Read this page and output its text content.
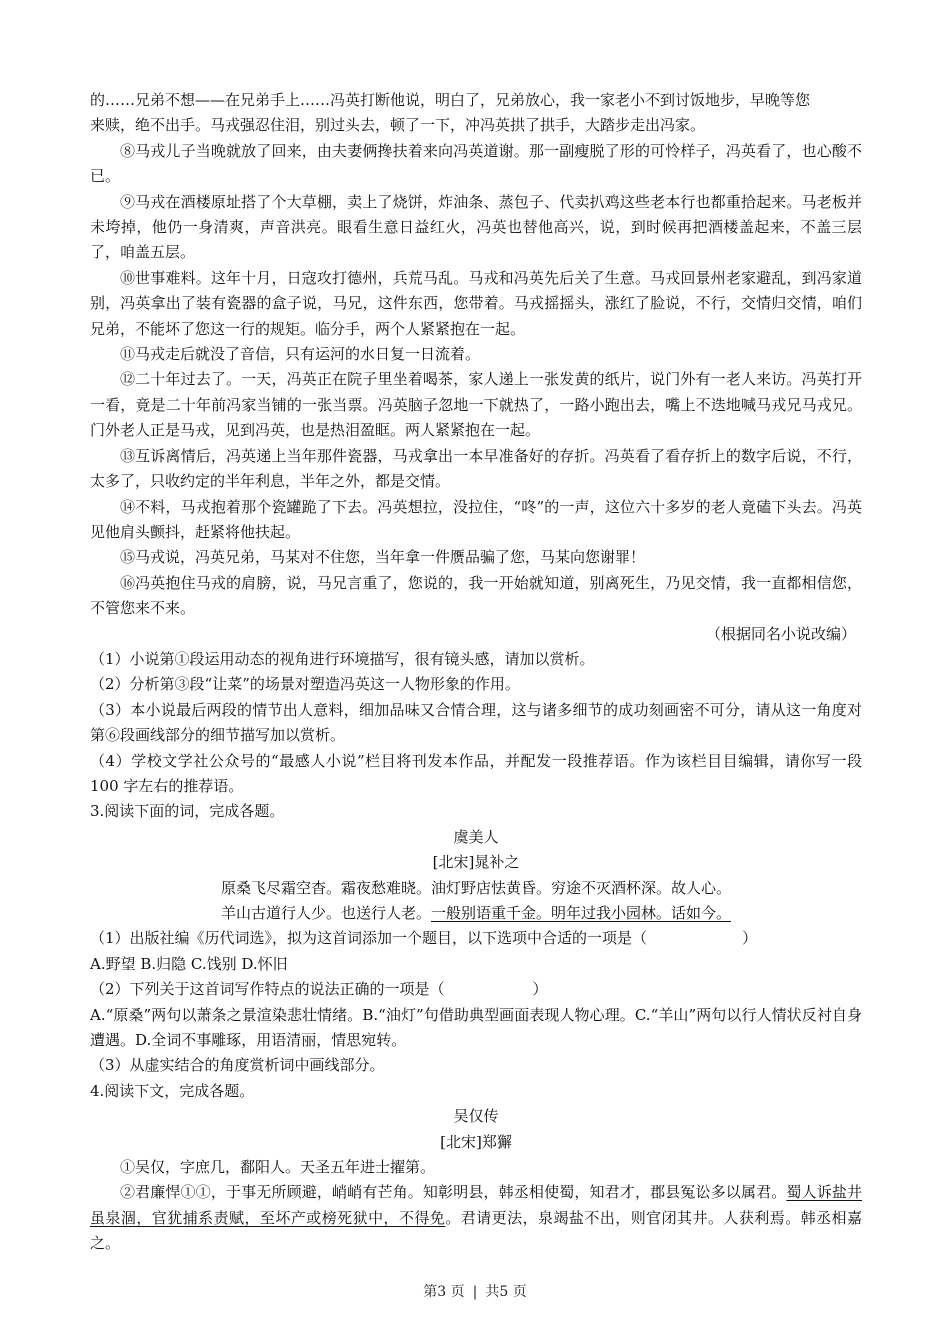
的……兄弟不想——在兄弟手上……冯英打断他说，明白了，兄弟放心，我一家老小不到讨饭地步，早晚等您
来赎，绝不出手。马戎强忍住泪，别过头去，顿了一下，冲冯英拱了拱手，大踏步走出冯家。
⑧马戎儿子当晚就放了回来，由夫妻俩搀扶着来向冯英道谢。那一副瘦脱了形的可怜样子，冯英看了，也心酸不已。
⑨马戎在酒楼原址搭了个大草棚，卖上了烧饼，炸油条、蒸包子、代卖扒鸡这些老本行也都重拾起来。马老板并未垮掉，他仍一身清爽，声音洪亮。眼看生意日益红火，冯英也替他高兴，说，到时候再把酒楼盖起来，不盖三层了，咱盖五层。
⑩世事难料。这年十月，日寇攻打德州，兵荒马乱。马戎和冯英先后关了生意。马戎回景州老家避乱，到冯家道别，冯英拿出了装有瓷器的盒子说，马兄，这件东西，您带着。马戎摇摇头，涨红了脸说，不行，交情归交情，咱们兄弟，不能坏了您这一行的规矩。临分手，两个人紧紧抱在一起。
⑪马戎走后就没了音信，只有运河的水日复一日流着。
⑫二十年过去了。一天，冯英正在院子里坐着喝茶，家人递上一张发黄的纸片，说门外有一老人来访。冯英打开一看，竟是二十年前冯家当铺的一张当票。冯英脑子忽地一下就热了，一路小跑出去，嘴上不迭地喊马戎兄马戎兄。门外老人正是马戎，见到冯英，也是热泪盈眶。两人紧紧抱在一起。
⑬互诉离情后，冯英递上当年那件瓷器，马戎拿出一本早准备好的存折。冯英看了看存折上的数字后说，不行，太多了，只收约定的半年利息，半年之外，都是交情。
⑭不料，马戎抱着那个瓷罐跪了下去。冯英想拉，没拉住，“咚”的一声，这位六十多岁的老人竟磕下头去。冯英见他肩头颤抖，赶紧将他扶起。
⑮马戎说，冯英兄弟，马某对不住您，当年拿一件赝品骗了您，马某向您谢罪！
⑯冯英抱住马戎的肩膀，说，马兄言重了，您说的，我一开始就知道，别离死生，乃见交情，我一直都相信您，不管您来不来。
（根据同名小说改编）
（1）小说第①段运用动态的视角进行环境描写，很有镜头感，请加以赏析。
（2）分析第③段“让菜”的场景对塑造冯英这一人物形象的作用。
（3）本小说最后两段的情节出人意料，细加品味又合情合理，这与诸多细节的成功刻画密不可分，请从这一角度对第⑥段画线部分的细节描写加以赏析。
（4）学校文学社公众号的“最感人小说”栏目将刊发本作品，并配发一段推荐语。作为该栏目目编辑，请你写一段 100 字左右的推荐语。
3.阅读下面的词，完成各题。
虞美人
[北宋]晁补之
原桑飞尽霜空杳。霜夜愁难晓。油灯野店怯黄昏。穷途不灭酒杯深。故人心。
羊山古道行人少。也送行人老。一般别语重千金。明年过我小园林。话如今。
（1）出版社编《历代词选》，拟为这首词添加一个题目，以下选项中合适的一项是（	）
A.野望 B.归隐 C.饯别 D.怀旧
（2）下列关于这首词写作特点的说法正确的一项是（	）
A.“原桑”两句以萧条之景渲染悲壮情绪。B.“油灯”句借助典型画面表现人物心理。C.“羊山”两句以行人情状反衬自身遭遇。D.全词不事雕琢，用语清丽，情思宛转。
（3）从虚实结合的角度赏析词中画线部分。
4.阅读下文，完成各题。
吴仅传
[北宋]郑獬
①吴仅，字庶几，鄱阳人。天圣五年进士擢第。
②君廉悍①①，于事无所顾避，峭峭有芒角。知彰明县，韩丞相使蜀，知君才，郡县冤讼多以属君。蜀人诉盐井虽泉涸，官犹捕系责赋，至坏产或榜死狱中，不得免。君请更法，泉竭盐不出，则官闭其井。人获利焉。韩丞相嘉之。
第3 页 | 共5 页
